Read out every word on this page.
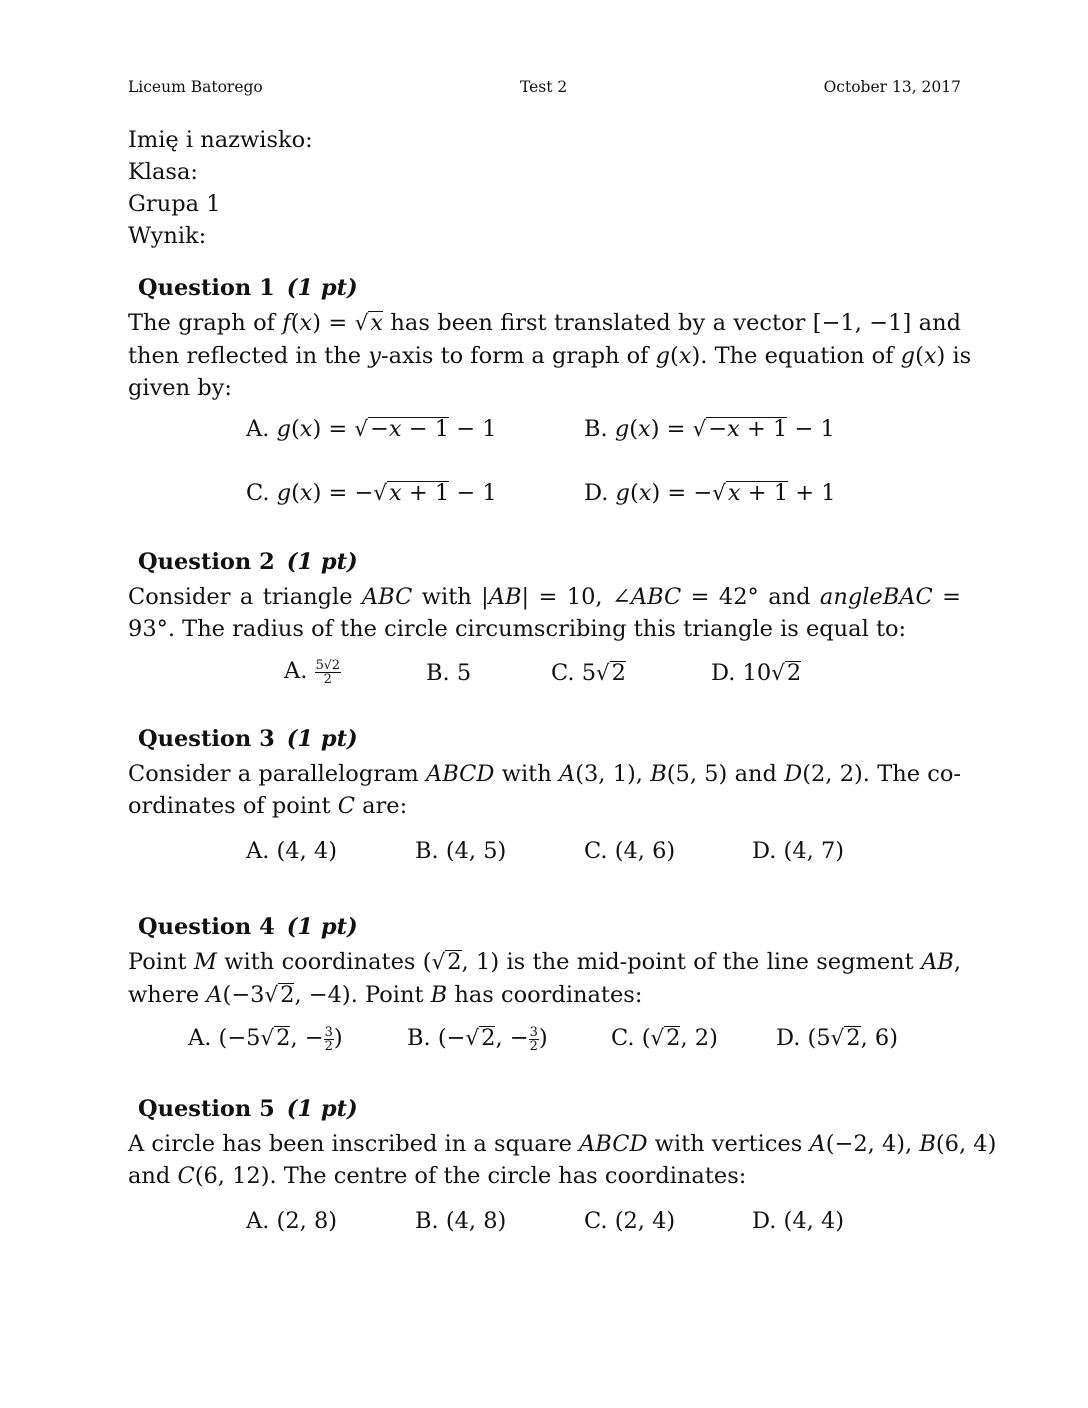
Liceum Batorego	Test 2	October 13, 2017
Imię i nazwisko:
Klasa:
Grupa 1
Wynik:
Question 1 (1 pt)
The graph of f(x) = √x has been first translated by a vector [−1, −1] and
then reflected in the y-axis to form a graph of g(x). The equation of g(x) is
given by:
A. g(x) = √−x − 1 − 1	B. g(x) = √−x + 1 − 1
C. g(x) = −√x + 1 − 1	D. g(x) = −√x + 1 + 1
Question 2 (1 pt)
Consider a triangle ABC with |AB| = 10, ∠ABC = 42° and angleBAC =
93°. The radius of the circle circumscribing this triangle is equal to:
A. $\frac{5√2}{2}$	B. 5	C. 5√2	D. 10√2
Question 3 (1 pt)
Consider a parallelogram ABCD with A(3, 1), B(5, 5) and D(2, 2). The co-
ordinates of point C are:
A. (4, 4)	B. (4, 5)	C. (4, 6)	D. (4, 7)
Question 4 (1 pt)
Point M with coordinates (√2, 1) is the mid-point of the line segment AB,
where A(−3√2, −4). Point B has coordinates:
A. (−5√2, − $\frac{3}{2}$ )	B. (−√2, − $\frac{3}{2}$ )	C. (√2, 2)	D. (5√2, 6)
Question 5 (1 pt)
A circle has been inscribed in a square ABCD with vertices A(−2, 4), B(6, 4)
and C(6, 12). The centre of the circle has coordinates:
A. (2, 8)	B. (4, 8)	C. (2, 4)	D. (4, 4)
